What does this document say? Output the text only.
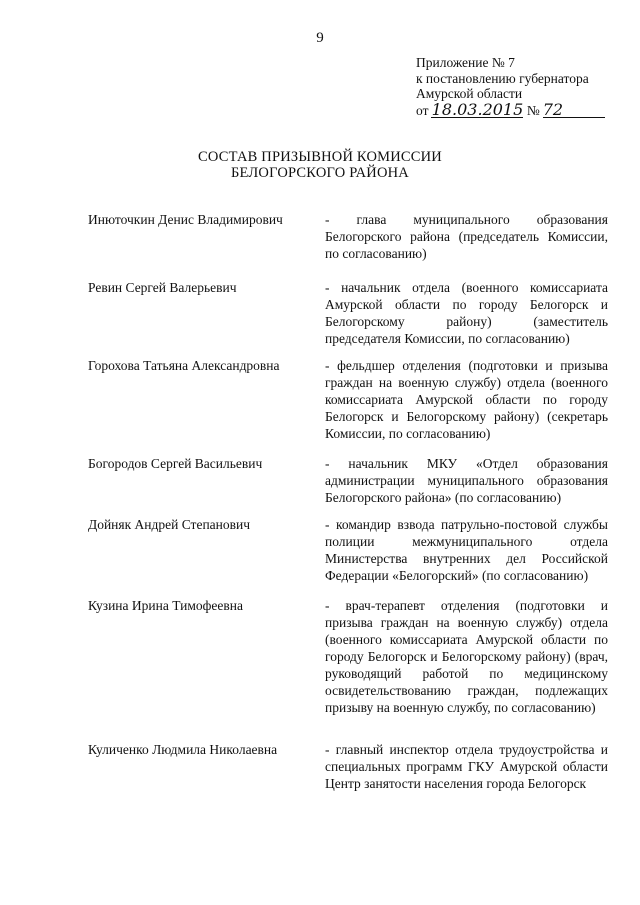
9
Приложение № 7
к постановлению губернатора
Амурской области
от 18.03.2015 № 72
СОСТАВ ПРИЗЫВНОЙ КОМИССИИ
БЕЛОГОРСКОГО РАЙОНА
Инюточкин Денис Владимирович	- глава муниципального образования Белогорского района (председатель Комиссии, по согласованию)
Ревин Сергей Валерьевич	- начальник отдела (военного комиссариата Амурской области по городу Белогорск и Белогорскому району) (заместитель председателя Комиссии, по согласованию)
Горохова Татьяна Александровна	- фельдшер отделения (подготовки и призыва граждан на военную службу) отдела (военного комиссариата Амурской области по городу Белогорск и Белогорскому району) (секретарь Комиссии, по согласованию)
Богородов Сергей Васильевич	- начальник МКУ «Отдел образования администрации муниципального образования Белогорского района» (по согласованию)
Дойняк Андрей Степанович	- командир взвода патрульно-постовой службы полиции межмуниципального отдела Министерства внутренних дел Российской Федерации «Белогорский» (по согласованию)
Кузина Ирина Тимофеевна	- врач-терапевт отделения (подготовки и призыва граждан на военную службу) отдела (военного комиссариата Амурской области по городу Белогорск и Белогорскому району) (врач, руководящий работой по медицинскому освидетельствованию граждан, подлежащих призыву на военную службу, по согласованию)
Куличенко Людмила Николаевна	- главный инспектор отдела трудоустройства и специальных программ ГКУ Амурской области Центр занятости населения города Белогорск
